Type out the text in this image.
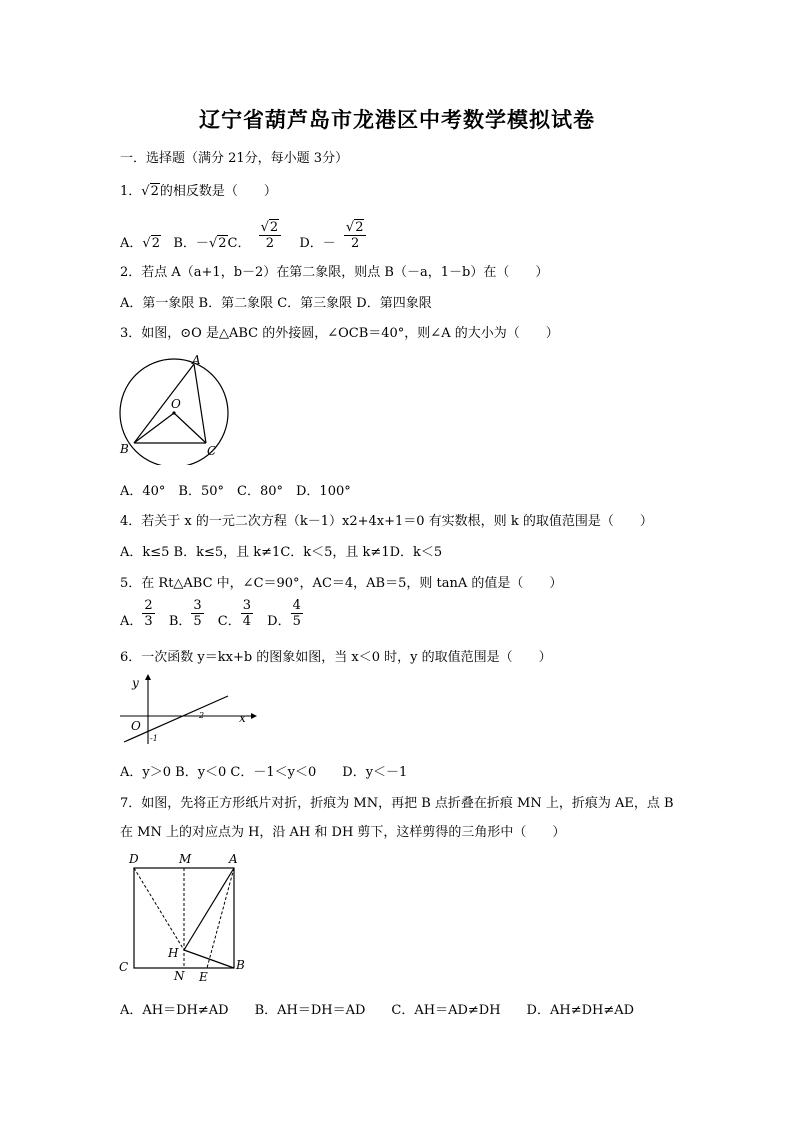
辽宁省葫芦岛市龙港区中考数学模拟试卷
一．选择题（满分 21分，每小题 3分）
1．√2的相反数是（　　）
A．√2 B．－√2C． $\frac{√2}{2}$ D．－ $\frac{√2}{2}$
2．若点 A（a+1，b－2）在第二象限，则点 B（－a，1－b）在（　　）
A．第一象限 B．第二象限 C．第三象限 D．第四象限
3．如图，⊙O 是△ABC 的外接圆，∠OCB＝40°，则∠A 的大小为（　　）
A
O
B	C
A．40°　B．50°　C．80°　D．100°
4．若关于 x 的一元二次方程（k－1）x2+4x+1＝0 有实数根，则 k 的取值范围是（　　）
A．k≤5 B．k≤5，且 k≠1C．k＜5，且 k≠1D．k＜5
5．在 Rt△ABC 中，∠C＝90°，AC＝4，AB＝5，则 tanA 的值是（　　）
A． $\frac{2}{3}$ B． $\frac{3}{5}$ C． $\frac{3}{4}$ D． $\frac{4}{5}$
6．一次函数 y＝kx+b 的图象如图，当 x＜0 时，y 的取值范围是（　　）
y
O
x
2
-1
A．y＞0 B．y＜0 C．－1＜y＜0　　D．y＜－1
7．如图，先将正方形纸片对折，折痕为 MN，再把 B 点折叠在折痕 MN 上，折痕为 AE，点 B
在 MN 上的对应点为 H，沿 AH 和 DH 剪下，这样剪得的三角形中（　　）
D	M	A
H
C
N E
B
A．AH＝DH≠AD　　B．AH＝DH＝AD　　C．AH＝AD≠DH　　D．AH≠DH≠AD
